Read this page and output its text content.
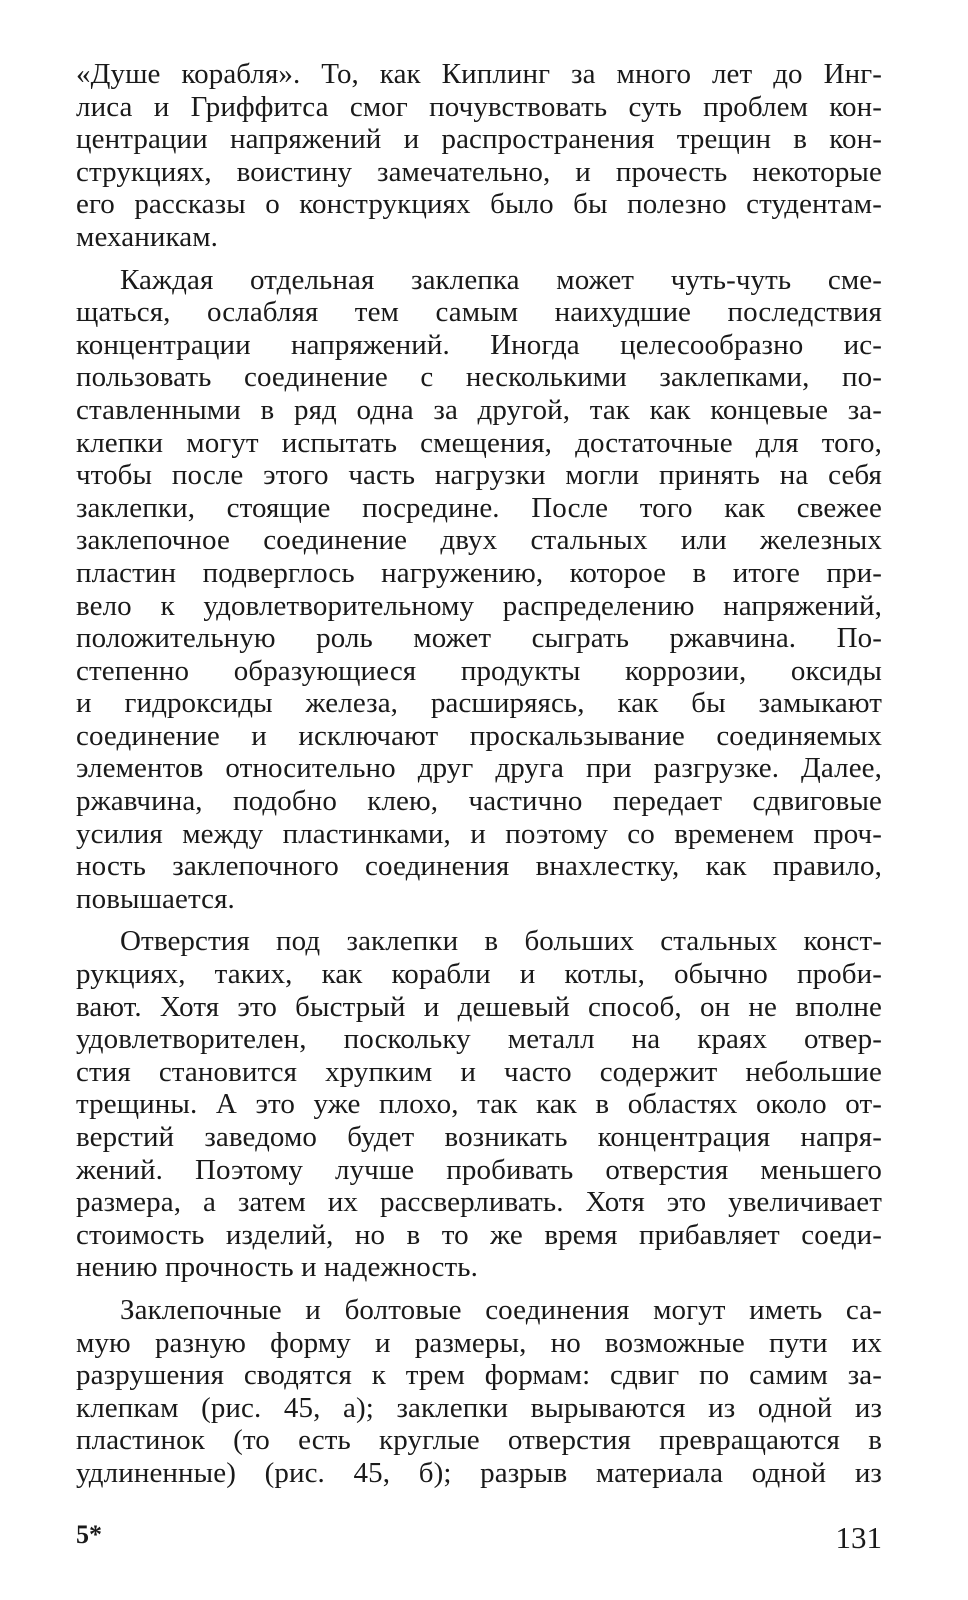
«Душе корабля». То, как Киплинг за много лет до Инг-
лиса и Гриффитса смог почувствовать суть проблем кон-
центрации напряжений и распространения трещин в кон-
струкциях, воистину замечательно, и прочесть некоторые
его рассказы о конструкциях было бы полезно студентам-
механикам.
Каждая отдельная заклепка может чуть-чуть сме-
щаться, ослабляя тем самым наихудшие последствия
концентрации напряжений. Иногда целесообразно ис-
пользовать соединение с несколькими заклепками, по-
ставленными в ряд одна за другой, так как концевые за-
клепки могут испытать смещения, достаточные для того,
чтобы после этого часть нагрузки могли принять на себя
заклепки, стоящие посредине. После того как свежее
заклепочное соединение двух стальных или железных
пластин подверглось нагружению, которое в итоге при-
вело к удовлетворительному распределению напряжений,
положительную роль может сыграть ржавчина. По-
степенно образующиеся продукты коррозии, оксиды
и гидроксиды железа, расширяясь, как бы замыкают
соединение и исключают проскальзывание соединяемых
элементов относительно друг друга при разгрузке. Далее,
ржавчина, подобно клею, частично передает сдвиговые
усилия между пластинками, и поэтому со временем проч-
ность заклепочного соединения внахлестку, как правило,
повышается.
Отверстия под заклепки в больших стальных конст-
рукциях, таких, как корабли и котлы, обычно проби-
вают. Хотя это быстрый и дешевый способ, он не вполне
удовлетворителен, поскольку металл на краях отвер-
стия становится хрупким и часто содержит небольшие
трещины. А это уже плохо, так как в областях около от-
верстий заведомо будет возникать концентрация напря-
жений. Поэтому лучше пробивать отверстия меньшего
размера, а затем их рассверливать. Хотя это увеличивает
стоимость изделий, но в то же время прибавляет соеди-
нению прочность и надежность.
Заклепочные и болтовые соединения могут иметь са-
мую разную форму и размеры, но возможные пути их
разрушения сводятся к трем формам: сдвиг по самим за-
клепкам (рис. 45, а); заклепки вырываются из одной из
пластинок (то есть круглые отверстия превращаются в
удлиненные) (рис. 45, б); разрыв материала одной из
5*	131
